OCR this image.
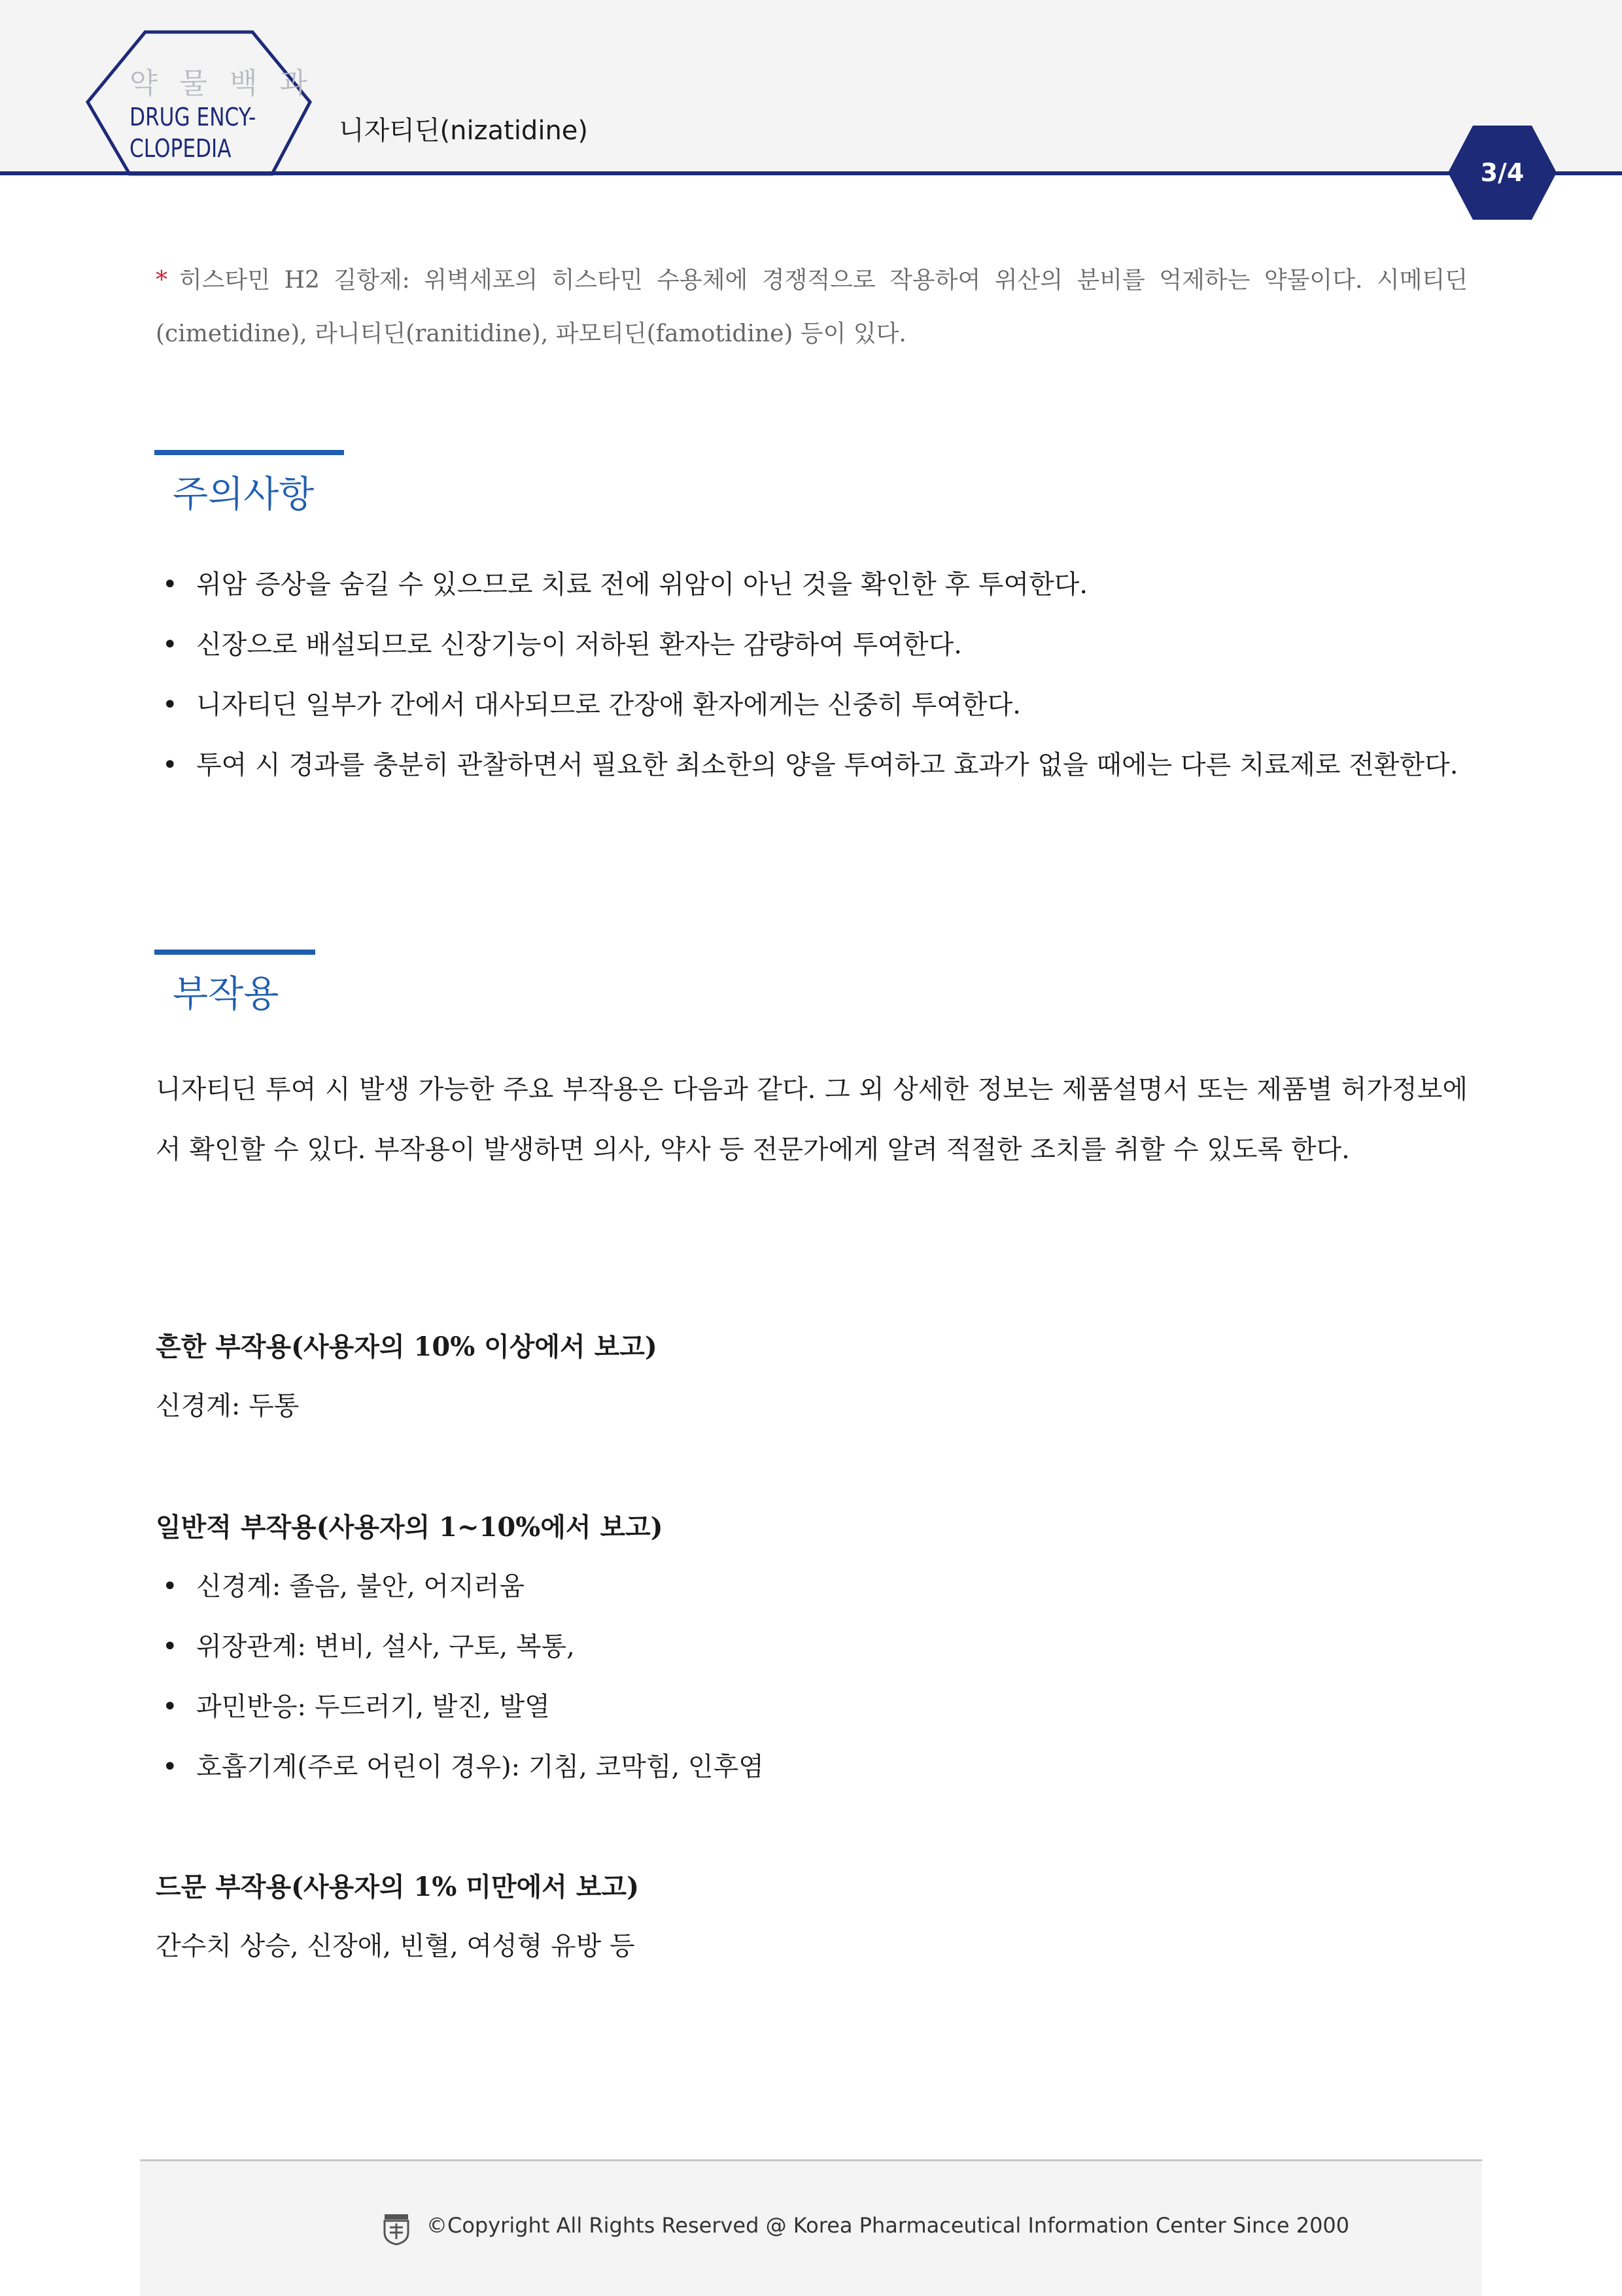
약 물 백 과
DRUG ENCY-
CLOPEDIA
니자티딘(nizatidine)
3/4

* 히스타민 H2 길항제: 위벽세포의 히스타민 수용체에 경쟁적으로 작용하여 위산의 분비를 억제하는 약물이다. 시메티딘(cimetidine), 라니티딘(ranitidine), 파모티딘(famotidine) 등이 있다.

주의사항

• 위암 증상을 숨길 수 있으므로 치료 전에 위암이 아닌 것을 확인한 후 투여한다.

• 신장으로 배설되므로 신장기능이 저하된 환자는 감량하여 투여한다.

• 니자티딘 일부가 간에서 대사되므로 간장애 환자에게는 신중히 투여한다.

• 투여 시 경과를 충분히 관찰하면서 필요한 최소한의 양을 투여하고 효과가 없을 때에는 다른 치료제로 전환한다.

부작용

니자티딘 투여 시 발생 가능한 주요 부작용은 다음과 같다. 그 외 상세한 정보는 제품설명서 또는 제품별 허가정보에서 확인할 수 있다. 부작용이 발생하면 의사, 약사 등 전문가에게 알려 적절한 조치를 취할 수 있도록 한다.

흔한 부작용(사용자의 10% 이상에서 보고)

신경계: 두통

일반적 부작용(사용자의 1~10%에서 보고)

• 신경계: 졸음, 불안, 어지러움

• 위장관계: 변비, 설사, 구토, 복통,

• 과민반응: 두드러기, 발진, 발열

• 호흡기계(주로 어린이 경우): 기침, 코막힘, 인후염

드문 부작용(사용자의 1% 미만에서 보고)

간수치 상승, 신장애, 빈혈, 여성형 유방 등

©Copyright All Rights Reserved @ Korea Pharmaceutical Information Center Since 2000
